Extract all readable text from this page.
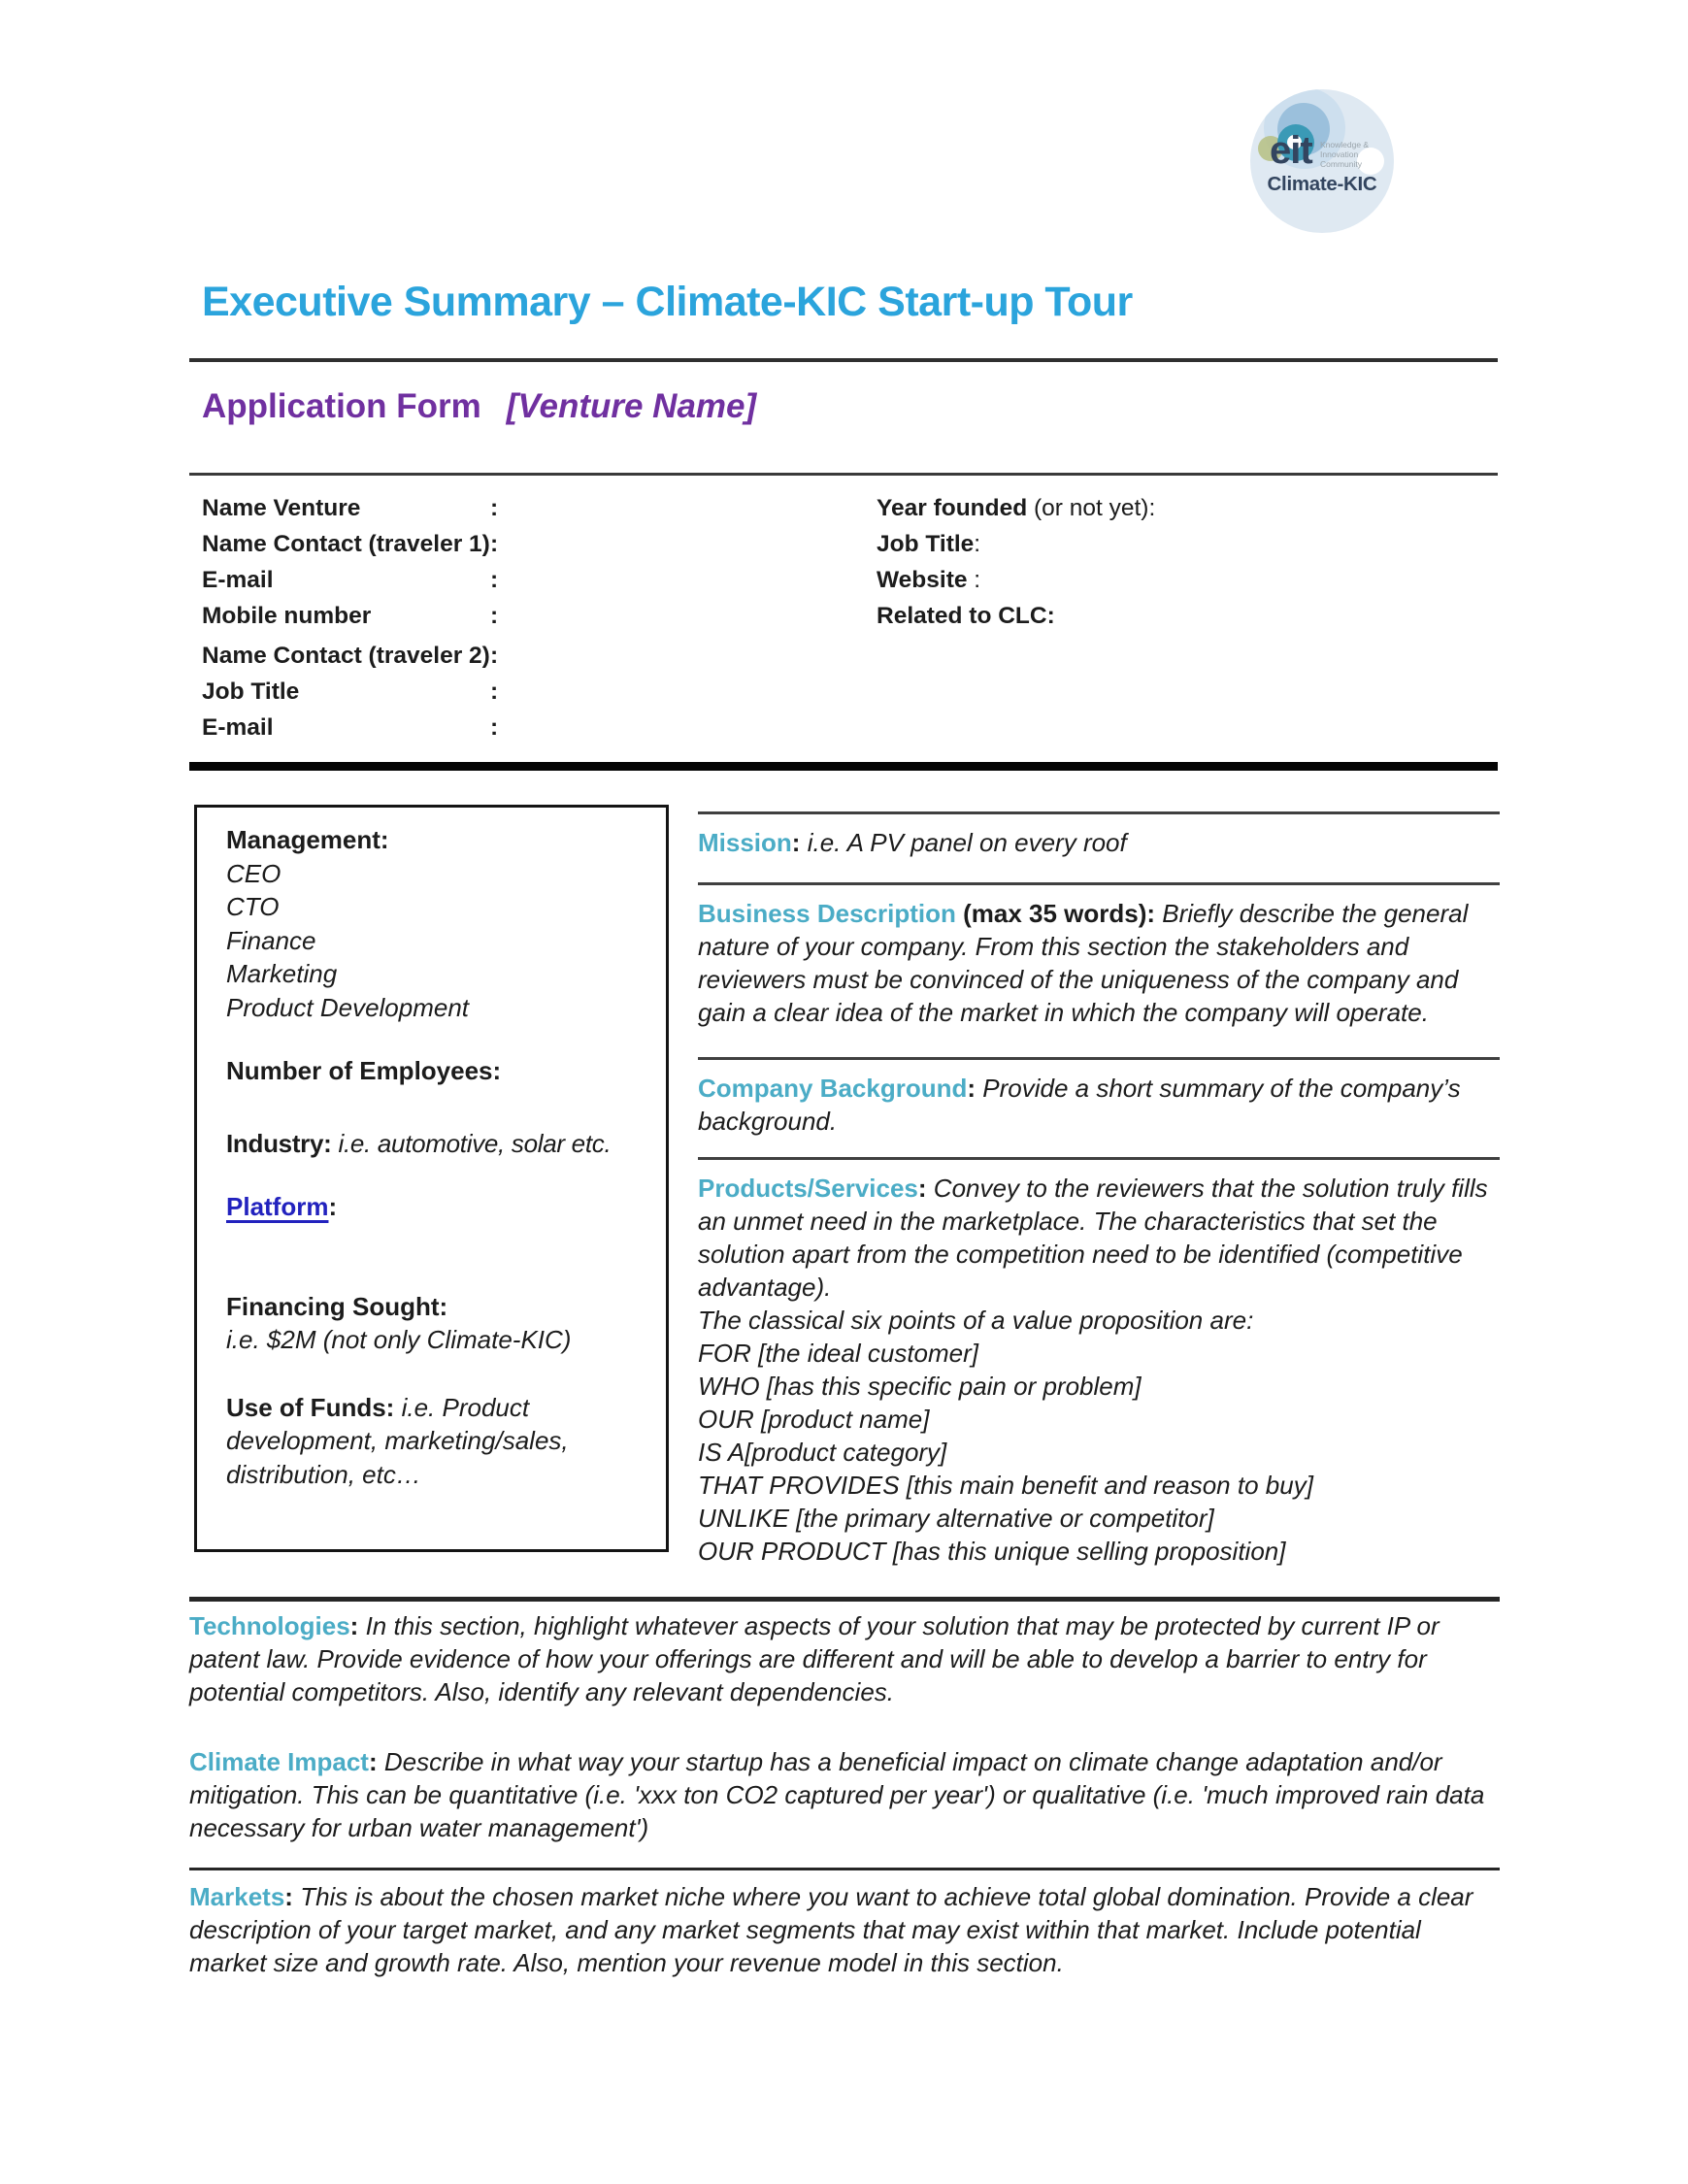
eit Knowledge &
Innovation
Community
Climate-KIC
Executive Summary – Climate-KIC Start-up Tour
Application Form [Venture Name]
Name Venture	:
Name Contact (traveler 1) :
E-mail	:
Mobile number	:
Name Contact (traveler 2) :
Job Title	:
E-mail	:
Year founded (or not yet):
Job Title:
Website :
Related to CLC:
Management:
CEO
CTO
Finance
Marketing
Product Development
Number of Employees:
Industry: i.e. automotive, solar etc.
Platform:
Financing Sought:
i.e. $2M (not only Climate-KIC)
Use of Funds: i.e. Product development, marketing/sales, distribution, etc…
Mission: i.e. A PV panel on every roof
Business Description (max 35 words): Briefly describe the general nature of your company. From this section the stakeholders and reviewers must be convinced of the uniqueness of the company and gain a clear idea of the market in which the company will operate.
Company Background: Provide a short summary of the company’s background.
Products/Services: Convey to the reviewers that the solution truly fills an unmet need in the marketplace. The characteristics that set the solution apart from the competition need to be identified (competitive advantage).
The classical six points of a value proposition are:
FOR [the ideal customer]
WHO [has this specific pain or problem]
OUR [product name]
IS A[product category]
THAT PROVIDES [this main benefit and reason to buy]
UNLIKE [the primary alternative or competitor]
OUR PRODUCT [has this unique selling proposition]
Technologies: In this section, highlight whatever aspects of your solution that may be protected by current IP or patent law. Provide evidence of how your offerings are different and will be able to develop a barrier to entry for potential competitors. Also, identify any relevant dependencies.
Climate Impact: Describe in what way your startup has a beneficial impact on climate change adaptation and/or mitigation. This can be quantitative (i.e. 'xxx ton CO2 captured per year') or qualitative (i.e. 'much improved rain data necessary for urban water management')
Markets: This is about the chosen market niche where you want to achieve total global domination. Provide a clear description of your target market, and any market segments that may exist within that market. Include potential market size and growth rate. Also, mention your revenue model in this section.
